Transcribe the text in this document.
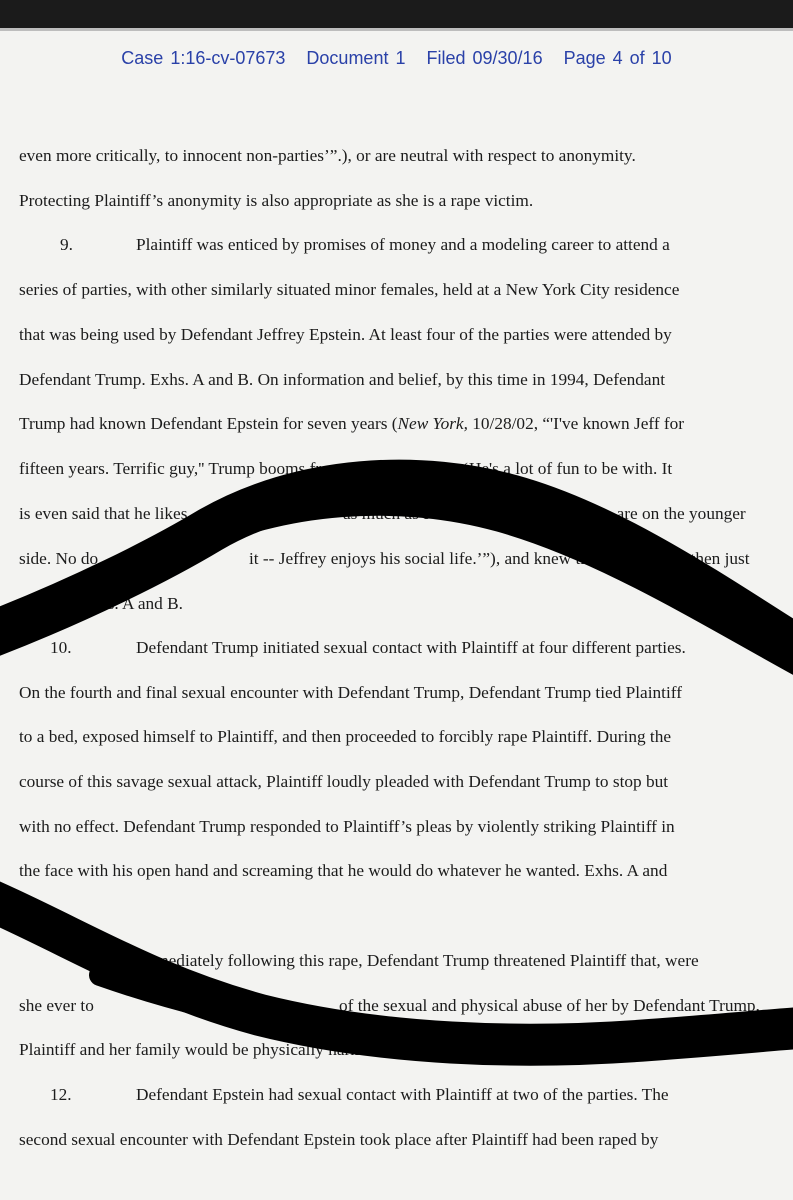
Case 1:16-cv-07673 Document 1 Filed 09/30/16 Page 4 of 10
even more critically, to innocent non-parties’”.), or are neutral with respect to anonymity.
Protecting Plaintiff’s anonymity is also appropriate as she is a rape victim.
9.	Plaintiff was enticed by promises of money and a modeling career to attend a
series of parties, with other similarly situated minor females, held at a New York City residence
that was being used by Defendant Jeffrey Epstein. At least four of the parties were attended by
Defendant Trump. Exhs. A and B. On information and belief, by this time in 1994, Defendant
Trump had known Defendant Epstein for seven years (New York, 10/28/02, “'I've known Jeff for
fifteen years. Terrific guy,'' Trump booms from a speakerphone. ‘He's a lot of fun to be with. It
is even said that he likes	as much as I do,	of them are on the younger
side. No do	it -- Jeffrey enjoys his social life.’”), and knew th	iff was then just
s old. Exhs. A and B.
10.	Defendant Trump initiated sexual contact with Plaintiff at four different parties.
On the fourth and final sexual encounter with Defendant Trump, Defendant Trump tied Plaintiff
to a bed, exposed himself to Plaintiff, and then proceeded to forcibly rape Plaintiff. During the
course of this savage sexual attack, Plaintiff loudly pleaded with Defendant Trump to stop but
with no effect. Defendant Trump responded to Plaintiff’s pleas by violently striking Plaintiff in
the face with his open hand and screaming that he would do whatever he wanted. Exhs. A and
B.
Immediately following this rape, Defendant Trump threatened Plaintiff that, were
she ever to	of the sexual and physical abuse of her by Defendant Trump,
Plaintiff and her family would be physically harmed if not killed. Exhs. A and B.
12.	Defendant Epstein had sexual contact with Plaintiff at two of the parties. The
second sexual encounter with Defendant Epstein took place after Plaintiff had been raped by
